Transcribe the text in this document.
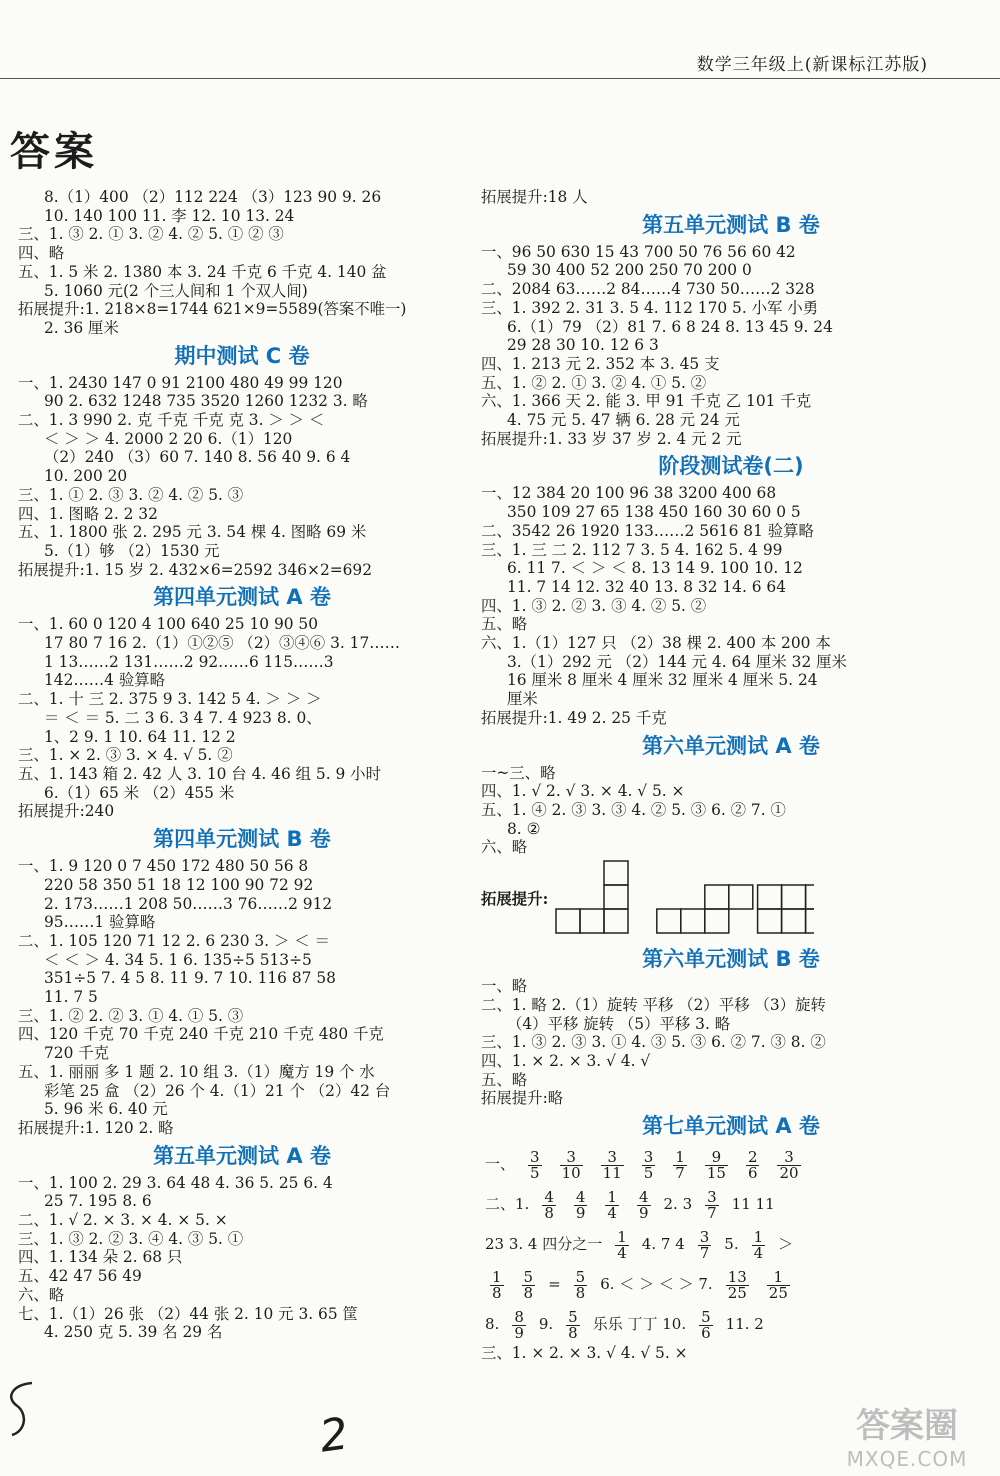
数学三年级上(新课标江苏版)
答案
8.（1）400 （2）112 224 （3）123 90 9. 26
10. 140 100 11. 李 12. 10 13. 24
三、1. ③ 2. ① 3. ② 4. ② 5. ① ② ③
四、略
五、1. 5 米 2. 1380 本 3. 24 千克 6 千克 4. 140 盆
5. 1060 元(2 个三人间和 1 个双人间)
拓展提升:1. 218×8=1744 621×9=5589(答案不唯一)
2. 36 厘米
期中测试 C 卷
一、1. 2430 147 0 91 2100 480 49 99 120
90 2. 632 1248 735 3520 1260 1232 3. 略
二、1. 3 990 2. 克 千克 千克 克 3. ＞ ＞ ＜
＜ ＞ ＞ 4. 2000 2 20 6.（1）120
（2）240 （3）60 7. 140 8. 56 40 9. 6 4
10. 200 20
三、1. ① 2. ③ 3. ② 4. ② 5. ③
四、1. 图略 2. 2 32
五、1. 1800 张 2. 295 元 3. 54 棵 4. 图略 69 米
5.（1）够 （2）1530 元
拓展提升:1. 15 岁 2. 432×6=2592 346×2=692
第四单元测试 A 卷
一、1. 60 0 120 4 100 640 25 10 90 50
17 80 7 16 2.（1）①②⑤ （2）③④⑥ 3. 17……
1 13……2 131……2 92……6 115……3
142……4 验算略
二、1. 十 三 2. 375 9 3. 142 5 4. ＞ ＞ ＞
＝ ＜ ＝ 5. 二 3 6. 3 4 7. 4 923 8. 0、
1、2 9. 1 10. 64 11. 12 2
三、1. × 2. ③ 3. × 4. √ 5. ②
五、1. 143 箱 2. 42 人 3. 10 台 4. 46 组 5. 9 小时
6.（1）65 米 （2）455 米
拓展提升:240
第四单元测试 B 卷
一、1. 9 120 0 7 450 172 480 50 56 8
220 58 350 51 18 12 100 90 72 92
2. 173……1 208 50……3 76……2 912
95……1 验算略
二、1. 105 120 71 12 2. 6 230 3. ＞ ＜ ＝
＜ ＜ ＞ 4. 34 5. 1 6. 135÷5 513÷5
351÷5 7. 4 5 8. 11 9. 7 10. 116 87 58
11. 7 5
三、1. ② 2. ② 3. ① 4. ① 5. ③
四、120 千克 70 千克 240 千克 210 千克 480 千克
720 千克
五、1. 丽丽 多 1 题 2. 10 组 3.（1）魔方 19 个 水
彩笔 25 盒 （2）26 个 4.（1）21 个 （2）42 台
5. 96 米 6. 40 元
拓展提升:1. 120 2. 略
第五单元测试 A 卷
一、1. 100 2. 29 3. 64 48 4. 36 5. 25 6. 4
25 7. 195 8. 6
二、1. √ 2. × 3. × 4. × 5. ×
三、1. ③ 2. ② 3. ④ 4. ③ 5. ①
四、1. 134 朵 2. 68 只
五、42 47 56 49
六、略
七、1.（1）26 张 （2）44 张 2. 10 元 3. 65 筐
4. 250 克 5. 39 名 29 名
拓展提升:18 人
第五单元测试 B 卷
一、96 50 630 15 43 700 50 76 56 60 42
59 30 400 52 200 250 70 200 0
二、2084 63……2 84……4 730 50……2 328
三、1. 392 2. 31 3. 5 4. 112 170 5. 小军 小勇
6.（1）79 （2）81 7. 6 8 24 8. 13 45 9. 24
29 28 30 10. 12 6 3
四、1. 213 元 2. 352 本 3. 45 支
五、1. ② 2. ① 3. ② 4. ① 5. ②
六、1. 366 天 2. 能 3. 甲 91 千克 乙 101 千克
4. 75 元 5. 47 辆 6. 28 元 24 元
拓展提升:1. 33 岁 37 岁 2. 4 元 2 元
阶段测试卷(二)
一、12 384 20 100 96 38 3200 400 68
350 109 27 65 138 450 160 30 60 0 5
二、3542 26 1920 133……2 5616 81 验算略
三、1. 三 二 2. 112 7 3. 5 4. 162 5. 4 99
6. 11 7. ＜ ＞ ＜ 8. 13 14 9. 100 10. 12
11. 7 14 12. 32 40 13. 8 32 14. 6 64
四、1. ③ 2. ② 3. ③ 4. ② 5. ②
五、略
六、1.（1）127 只 （2）38 棵 2. 400 本 200 本
3.（1）292 元 （2）144 元 4. 64 厘米 32 厘米
16 厘米 8 厘米 4 厘米 32 厘米 4 厘米 5. 24
厘米
拓展提升:1. 49 2. 25 千克
第六单元测试 A 卷
一~三、略
四、1. √ 2. √ 3. × 4. √ 5. ×
五、1. ④ 2. ③ 3. ③ 4. ② 5. ③ 6. ② 7. ①
8. ②
六、略
拓展提升:
第六单元测试 B 卷
一、略
二、1. 略 2.（1）旋转 平移 （2）平移 （3）旋转
（4）平移 旋转 （5）平移 3. 略
三、1. ③ 2. ③ 3. ① 4. ③ 5. ③ 6. ② 7. ③ 8. ②
四、1. × 2. × 3. √ 4. √
五、略
拓展提升:略
第七单元测试 A 卷
一、 $\frac{3}{5} \frac{3}{10} \frac{3}{11} \frac{3}{5} \frac{1}{7} \frac{9}{15} \frac{2}{6} \frac{3}{20}$
二、1. $\frac{4}{8} \frac{4}{9} \frac{1}{4} \frac{4}{9} 2$. $3 \frac{3}{7} 11$ 11
23 3. 4 四分之一 $\frac{1}{4} 4$. 7 $4 \frac{3}{7} 5$. $\frac{1}{4}$ ＞
$\frac{1}{8} \frac{5}{8} = \frac{5}{8} 6$. ＜ ＞ ＜ ＞ 7. $\frac{13}{25} \frac{1}{25}$
8. $\frac{8}{9} 9$. $\frac{5}{8}$ 乐乐 丁丁 10. $\frac{5}{6} 11$. 2
三、1. × 2. × 3. √ 4. √ 5. ×
2	答案圈
MXQE.COM
